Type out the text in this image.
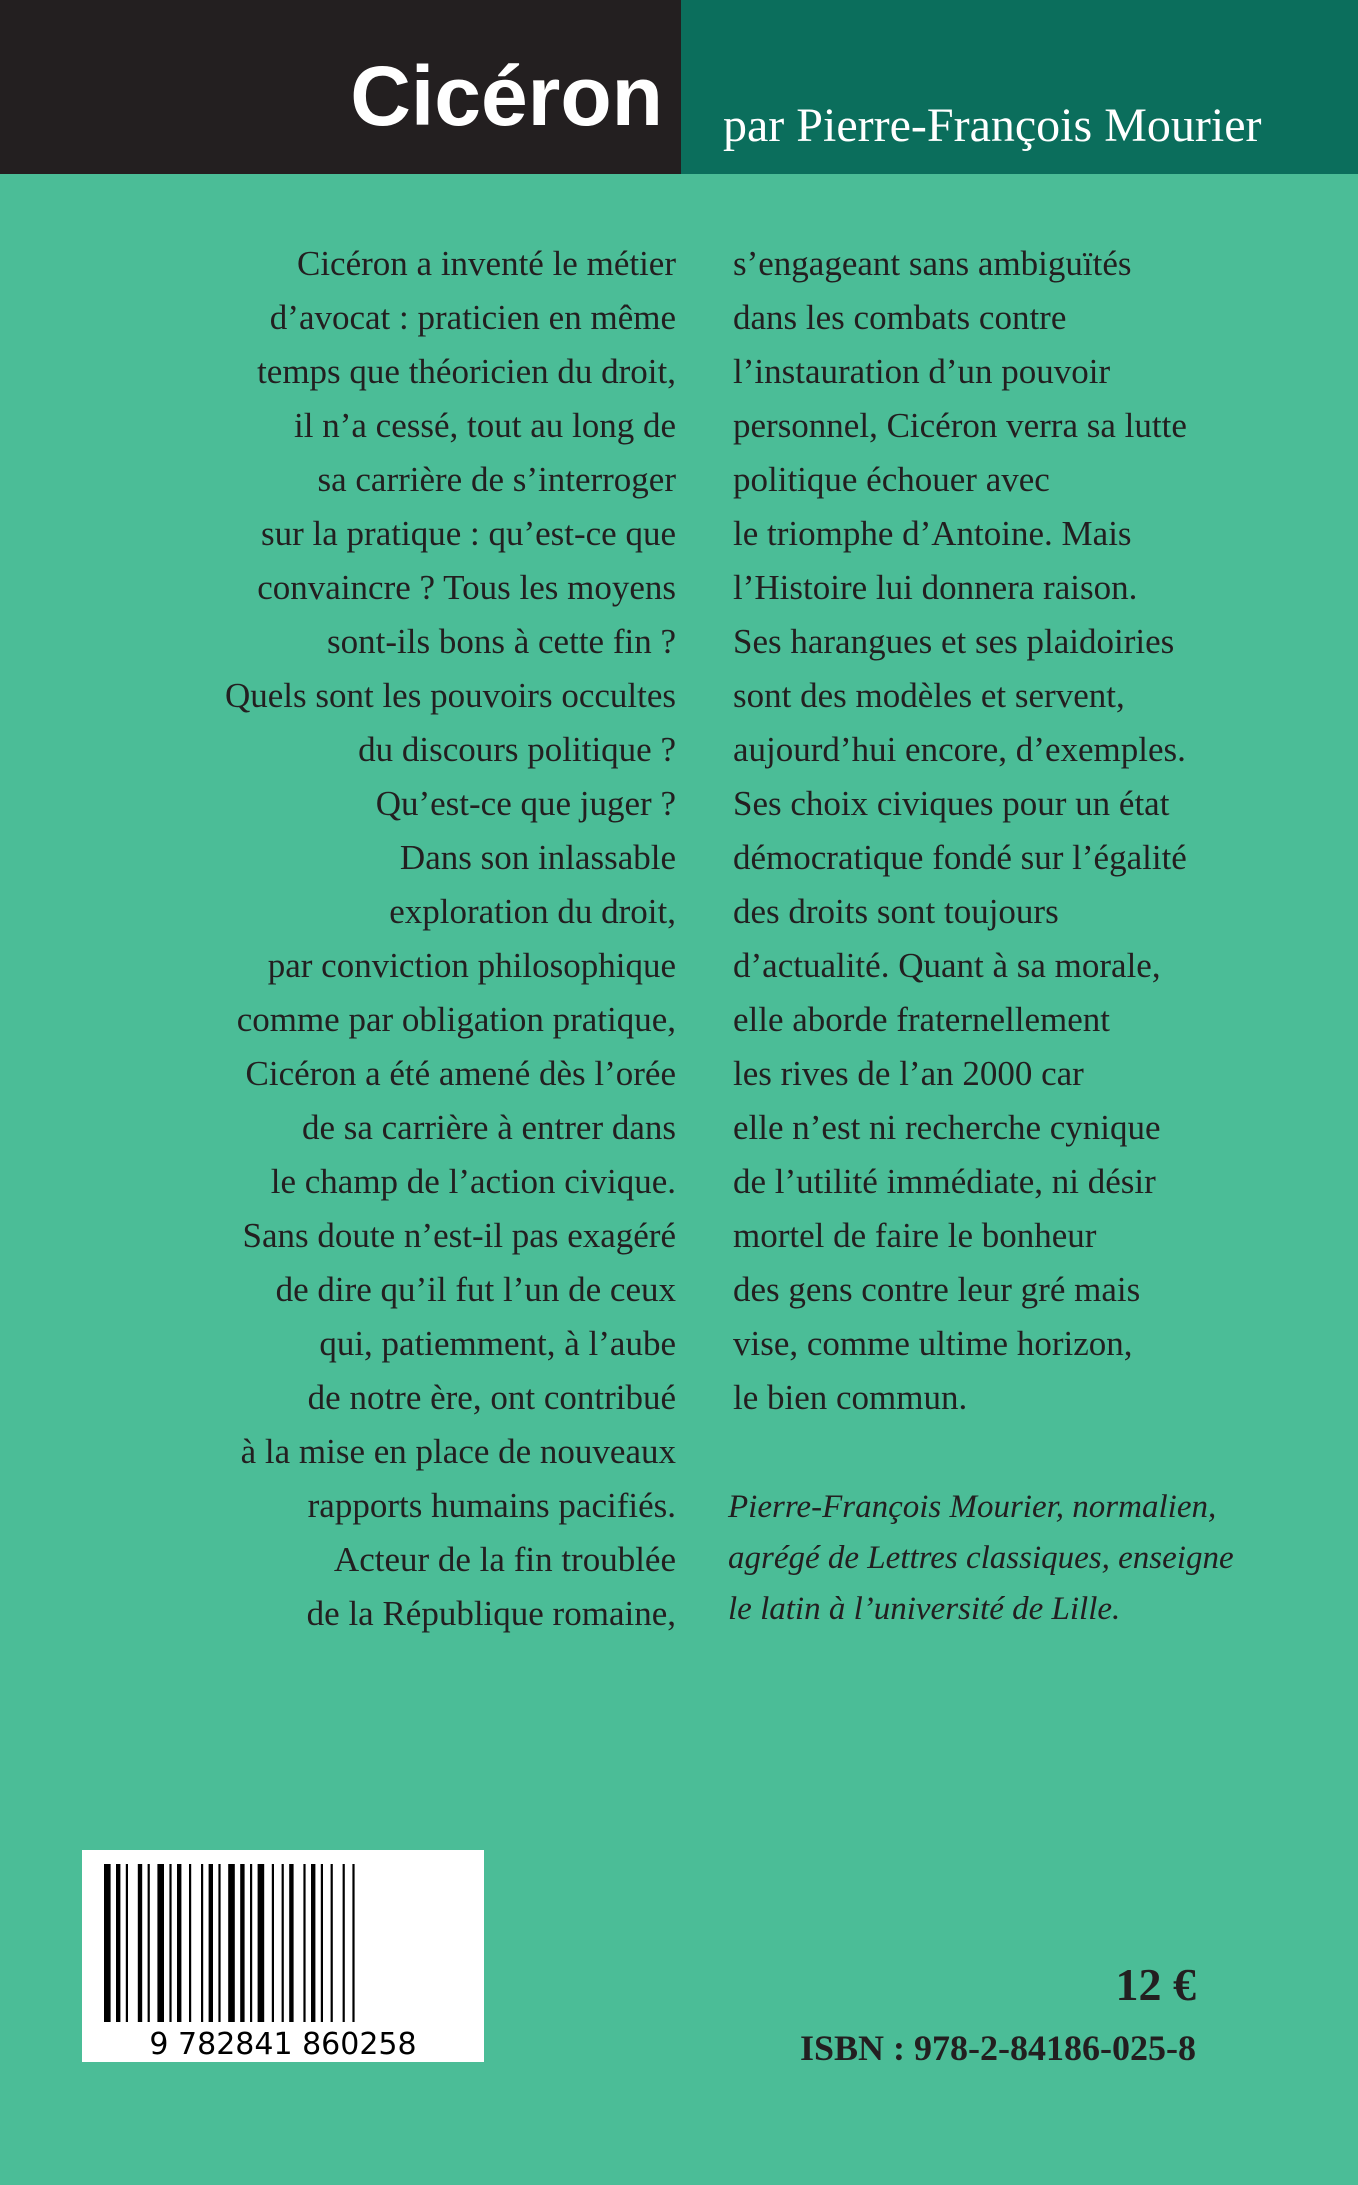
Cicéron par Pierre-François Mourier
Cicéron a inventé le métier
d’avocat : praticien en même
temps que théoricien du droit,
il n’a cessé, tout au long de
sa carrière de s’interroger
sur la pratique : qu’est-ce que
convaincre ? Tous les moyens
sont-ils bons à cette fin ?
Quels sont les pouvoirs occultes
du discours politique ?
Qu’est-ce que juger ?
Dans son inlassable
exploration du droit,
par conviction philosophique
comme par obligation pratique,
Cicéron a été amené dès l’orée
de sa carrière à entrer dans
le champ de l’action civique.
Sans doute n’est-il pas exagéré
de dire qu’il fut l’un de ceux
qui, patiemment, à l’aube
de notre ère, ont contribué
à la mise en place de nouveaux
rapports humains pacifiés.
Acteur de la fin troublée
de la République romaine,
s’engageant sans ambiguïtés
dans les combats contre
l’instauration d’un pouvoir
personnel, Cicéron verra sa lutte
politique échouer avec
le triomphe d’Antoine. Mais
l’Histoire lui donnera raison.
Ses harangues et ses plaidoiries
sont des modèles et servent,
aujourd’hui encore, d’exemples.
Ses choix civiques pour un état
démocratique fondé sur l’égalité
des droits sont toujours
d’actualité. Quant à sa morale,
elle aborde fraternellement
les rives de l’an 2000 car
elle n’est ni recherche cynique
de l’utilité immédiate, ni désir
mortel de faire le bonheur
des gens contre leur gré mais
vise, comme ultime horizon,
le bien commun.
Pierre-François Mourier, normalien,
agrégé de Lettres classiques, enseigne
le latin à l’université de Lille.
9 782841 860258
12 €
ISBN : 978-2-84186-025-8
